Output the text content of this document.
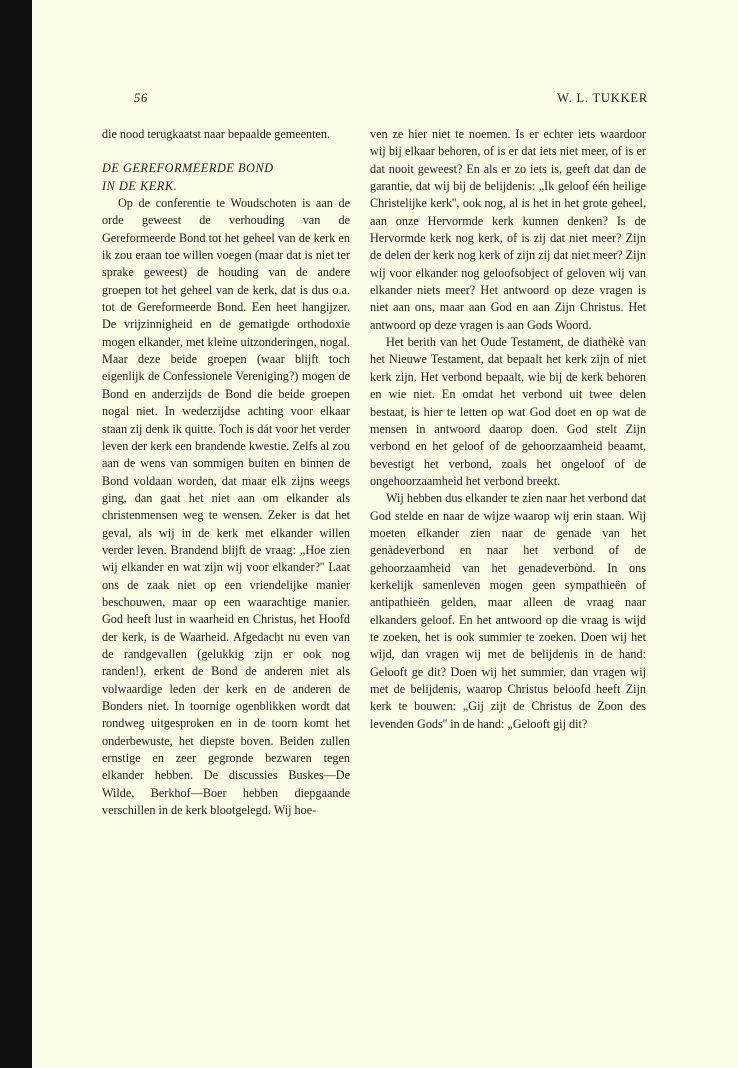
56	W. L. TUKKER

die nood terugkaatst naar bepaalde gemeenten.

DE GEREFORMEERDE BOND
IN DE KERK.

Op de conferentie te Woudschoten is aan de orde geweest de verhouding van de Gereformeerde Bond tot het geheel van de kerk en ik zou eraan toe willen voegen (maar dat is niet ter sprake geweest) de houding van de andere groepen tot het geheel van de kerk, dat is dus o.a. tot de Gereformeerde Bond. Een heet hangijzer. De vrijzinnigheid en de gematigde orthodoxie mogen elkander, met kleine uitzonderingen, nogal. Maar deze beide groepen (waar blijft toch eigenlijk de Confessionele Vereniging?) mogen de Bond en anderzijds de Bond die beide groepen nogal niet. In wederzijdse achting voor elkaar staan zij denk ik quitte. Toch is dát voor het verder leven der kerk een brandende kwestie. Zelfs al zou aan de wens van sommigen buiten en binnen de Bond voldaan worden, dat maar elk zijns weegs ging, dan gaat het niet aan om elkander als christenmensen weg te wensen. Zeker is dat het geval, als wij in de kerk met elkander willen verder leven. Brandend blijft de vraag: „Hoe zien wij elkander en wat zijn wij voor elkander?'' Laat ons de zaak niet op een vriendelijke manier beschouwen, maar op een waarachtige manier. God heeft lust in waarheid en Christus, het Hoofd der kerk, is de Waarheid. Afgedacht nu even van de randgevallen (gelukkig zijn er ook nog randen!), erkent de Bond de anderen niet als volwaardige leden der kerk en de anderen de Bonders niet. In toornige ogenblikken wordt dat rondweg uitgesproken en in de toorn komt het onderbewuste, het diepste boven. Beiden zullen ernstige en zeer gegronde bezwaren tegen elkander hebben. De discussies Buskes—De Wilde, Berkhof—Boer hebben diepgaande verschillen in de kerk blootgelegd. Wij hoe-

ven ze hier niet te noemen. Is er echter iets waardoor wij bij elkaar behoren, of is er dat iets niet meer, of is er dat nooit geweest? En als er zo iets is, geeft dat dan de garantie, dat wij bij de belijdenis: „Ik geloof één heilige Christelijke kerk'', ook nog, al is het in het grote geheel, aan onze Hervormde kerk kunnen denken? Is de Hervormde kerk nog kerk, of is zij dat niet meer? Zijn de delen der kerk nog kerk of zijn zij dat niet meer? Zijn wij voor elkander nog geloofsobject of geloven wij van elkander niets meer? Het antwoord op deze vragen is niet aan ons, maar aan God en aan Zijn Christus. Het antwoord op deze vragen is aan Gods Woord.

Het berith van het Oude Testament, de diathèkè van het Nieuwe Testament, dat bepaalt het kerk zijn of niet kerk zijn. Het verbond bepaalt, wie bij de kerk behoren en wie niet. En omdat het verbond uit twee delen bestaat, is hier te letten op wat God doet en op wat de mensen in antwoord daarop doen. God stelt Zijn verbond en het geloof of de gehoorzaamheid beaamt, bevestigt het verbond, zoals het ongeloof of de ongehoorzaamheid het verbond breekt.

Wij hebben dus elkander te zien naar het verbond dat God stelde en naar de wijze waarop wij erin staan. Wij moeten elkander zien naar de genade van het genàdeverbond en naar het verbond of de gehoorzaamheid van het genadeverbònd. In ons kerkelijk samenleven mogen geen sympathieën of antipathieën gelden, maar alleen de vraag naar elkanders geloof. En het antwoord op die vraag is wijd te zoeken, het is ook summier te zoeken. Doen wij het wijd, dan vragen wij met de belijdenis in de hand: Gelooft ge dit? Doen wij het summier, dan vragen wij met de belijdenis, waarop Christus beloofd heeft Zijn kerk te bouwen: „Gij zijt de Christus de Zoon des levenden Gods'' in de hand: „Gelooft gij dit?
